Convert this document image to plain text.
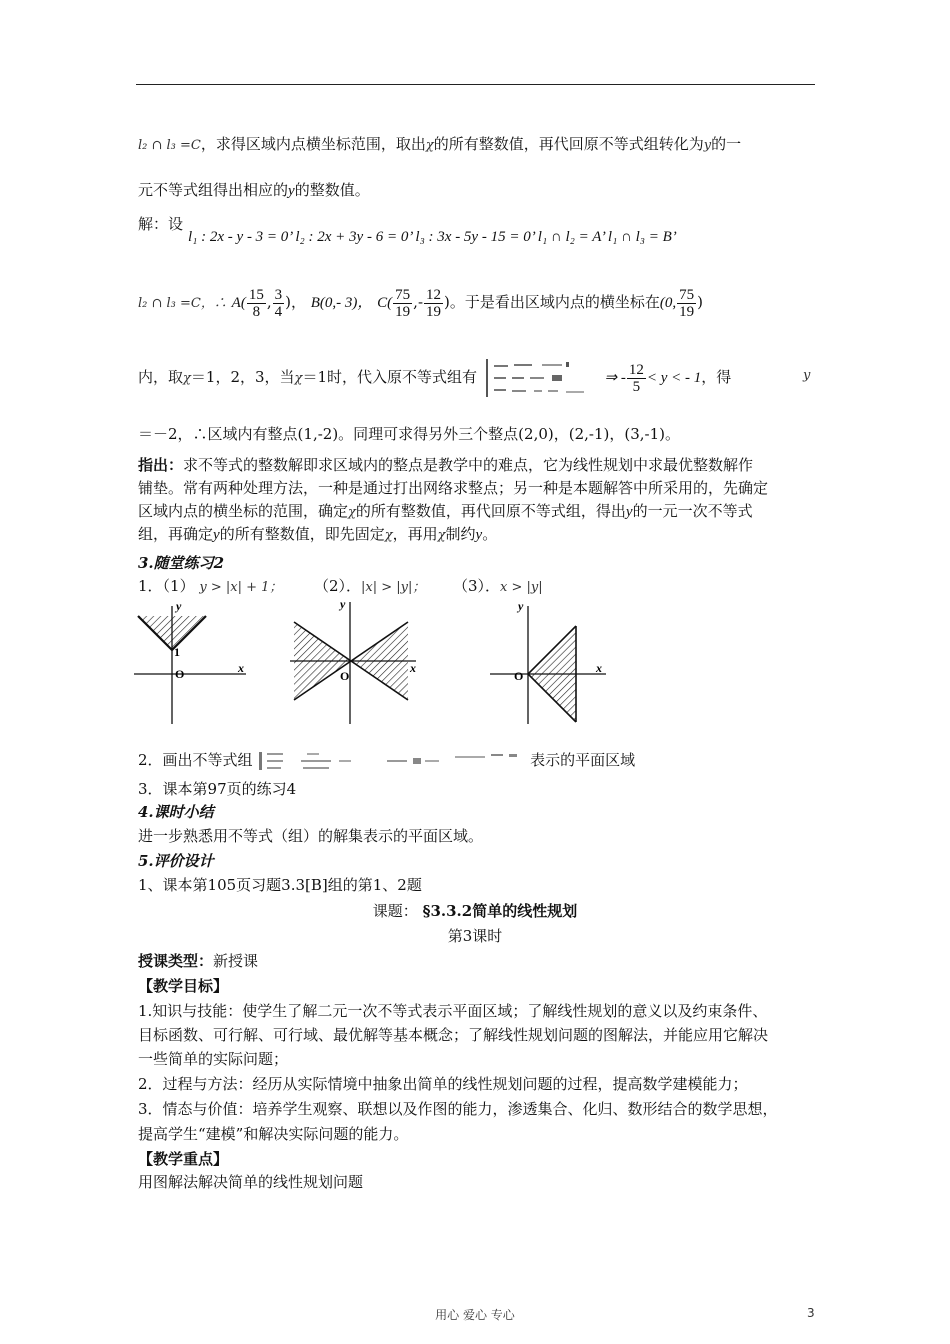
l₂ ∩ l₃ =C，求得区域内点横坐标范围，取出χ的所有整数值，再代回原不等式组转化为y的一
元不等式组得出相应的y的整数值。
解：设
l₁ : 2x - y - 3 = 0’ l₂ : 2x + 3y - 6 = 0’ l₃ : 3x - 5y - 15 = 0’ l₁ ∩ l₂ = A’ l₁ ∩ l₃ = B’
l₂ ∩ l₃ =C，∴ $A( \frac{15}{8}$ , $\frac{3}{4}$ )， B(0,- 3)， $C( \frac{75}{19}$ ,- $\frac{12}{19}$ )。于是看出区域内点的横坐标在(0, $\frac{75}{19}$ )
内，取χ＝1，2，3，当χ＝1时，代入原不等式组有	⇒ - $\frac{12}{5} < y$ < - 1，得	y
＝－2，∴区域内有整点(1,-2)。同理可求得另外三个整点(2,0)，(2,-1)，(3,-1)。
指出：求不等式的整数解即求区域内的整点是教学中的难点，它为线性规划中求最优整数解作
铺垫。常有两种处理方法，一种是通过打出网络求整点；另一种是本题解答中所采用的，先确定
区域内点的横坐标的范围，确定χ的所有整数值，再代回原不等式组，得出y的一元一次不等式
组，再确定y的所有整数值，即先固定χ，再用χ制约y。
3.随堂练习2
1．（1） y > |x| + 1； （2）．|x| > |y|； （3）．x > |y|
y
x
O
1
y
x
O
y
x
O
2．画出不等式组	表示的平面区域
3．课本第97页的练习4
4.课时小结
进一步熟悉用不等式（组）的解集表示的平面区域。
5.评价设计
1、课本第105页习题3.3[B]组的第1、2题
课题： §3.3.2简单的线性规划
第3课时
授课类型：新授课
【教学目标】
1.知识与技能：使学生了解二元一次不等式表示平面区域；了解线性规划的意义以及约束条件、
目标函数、可行解、可行域、最优解等基本概念；了解线性规划问题的图解法，并能应用它解决
一些简单的实际问题；
2．过程与方法：经历从实际情境中抽象出简单的线性规划问题的过程，提高数学建模能力；
3．情态与价值：培养学生观察、联想以及作图的能力，渗透集合、化归、数形结合的数学思想，
提高学生“建模”和解决实际问题的能力。
【教学重点】
用图解法解决简单的线性规划问题
用心 爱心 专心	3
